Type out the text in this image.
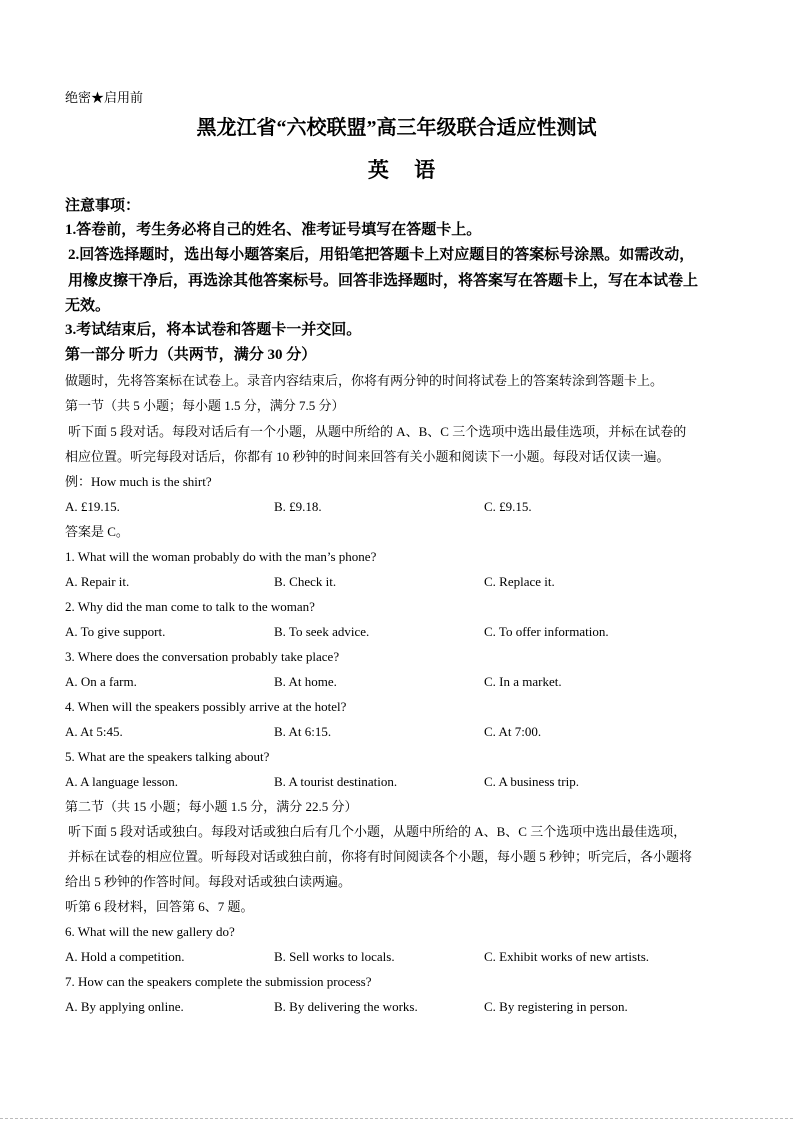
绝密★启用前
黑龙江省“六校联盟”高三年级联合适应性测试
英 语
注意事项：
1.答卷前，考生务必将自己的姓名、准考证号填写在答题卡上。
2.回答选择题时，选出每小题答案后，用铅笔把答题卡上对应题目的答案标号涂黑。如需改动，
用橡皮擦干净后，再选涂其他答案标号。回答非选择题时，将答案写在答题卡上，写在本试卷上
无效。
3.考试结束后，将本试卷和答题卡一并交回。
第一部分 听力（共两节，满分 30 分）
做题时，先将答案标在试卷上。录音内容结束后，你将有两分钟的时间将试卷上的答案转涂到答题卡上。
第一节（共 5 小题；每小题 1.5 分，满分 7.5 分）
听下面 5 段对话。每段对话后有一个小题，从题中所给的 A、B、C 三个选项中选出最佳选项，并标在试卷的
相应位置。听完每段对话后，你都有 10 秒钟的时间来回答有关小题和阅读下一小题。每段对话仅读一遍。
例：How much is the shirt?
A. £19.15.	B. £9.18.	C. £9.15.
答案是 C。
1. What will the woman probably do with the man’s phone?
A. Repair it.	B. Check it.	C. Replace it.
2. Why did the man come to talk to the woman?
A. To give support.	B. To seek advice.	C. To offer information.
3. Where does the conversation probably take place?
A. On a farm.	B. At home.	C. In a market.
4. When will the speakers possibly arrive at the hotel?
A. At 5:45.	B. At 6:15.	C. At 7:00.
5. What are the speakers talking about?
A. A language lesson.	B. A tourist destination.	C. A business trip.
第二节（共 15 小题；每小题 1.5 分，满分 22.5 分）
听下面 5 段对话或独白。每段对话或独白后有几个小题，从题中所给的 A、B、C 三个选项中选出最佳选项，
并标在试卷的相应位置。听每段对话或独白前，你将有时间阅读各个小题，每小题 5 秒钟；听完后，各小题将
给出 5 秒钟的作答时间。每段对话或独白读两遍。
听第 6 段材料，回答第 6、7 题。
6. What will the new gallery do?
A. Hold a competition.	B. Sell works to locals.	C. Exhibit works of new artists.
7. How can the speakers complete the submission process?
A. By applying online.	B. By delivering the works.	C. By registering in person.
